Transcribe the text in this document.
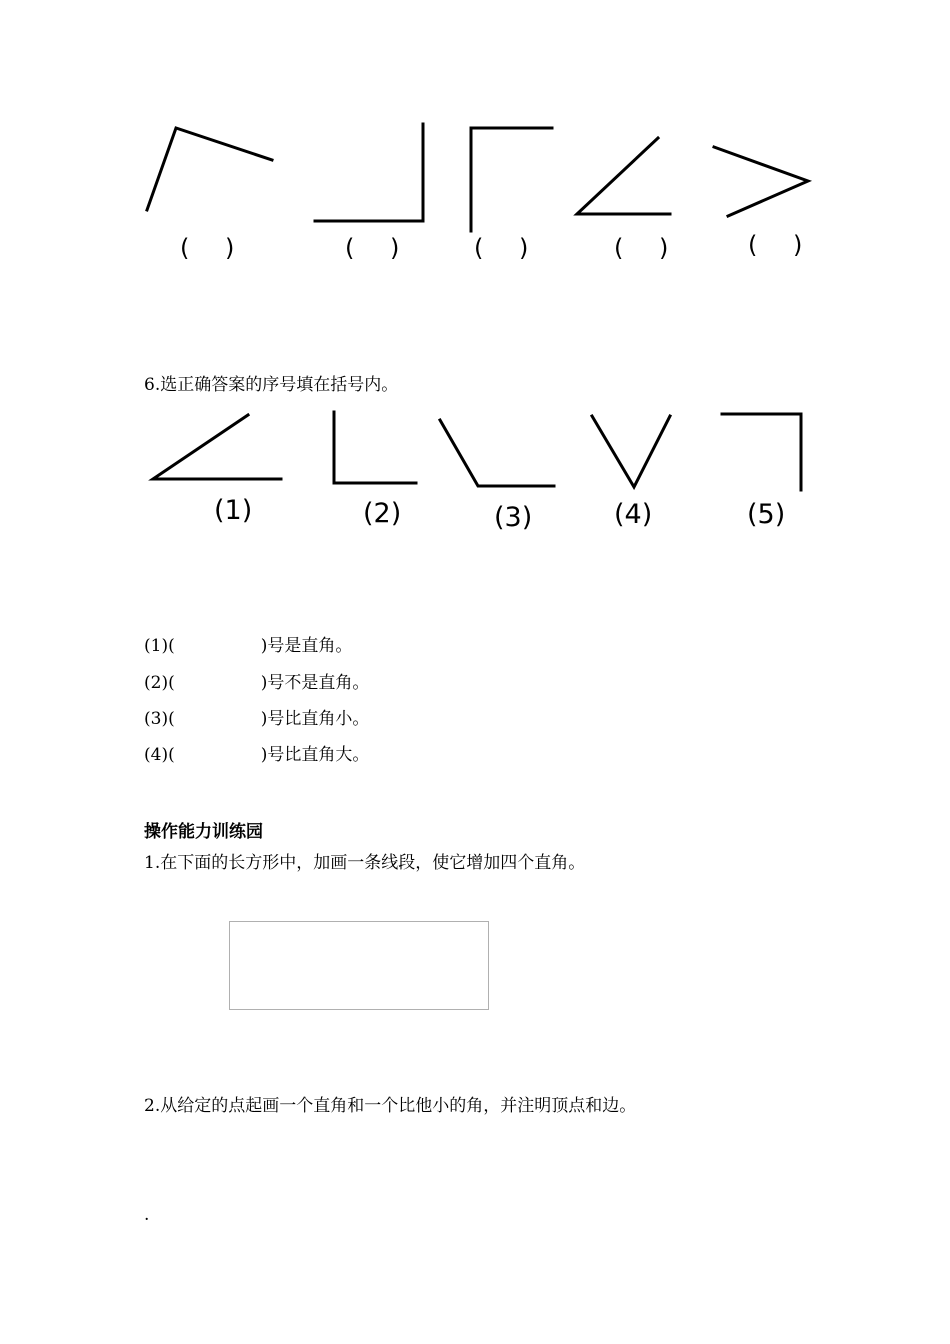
( )	( )	( )	( )	( )
6.选正确答案的序号填在括号内。
(1)	(2)	(3)	(4)	(5)
(1)(	)号是直角。
(2)(	)号不是直角。
(3)(	)号比直角小。
(4)(	)号比直角大。
操作能力训练园
1.在下面的长方形中，加画一条线段，使它增加四个直角。
2.从给定的点起画一个直角和一个比他小的角，并注明顶点和边。
.
